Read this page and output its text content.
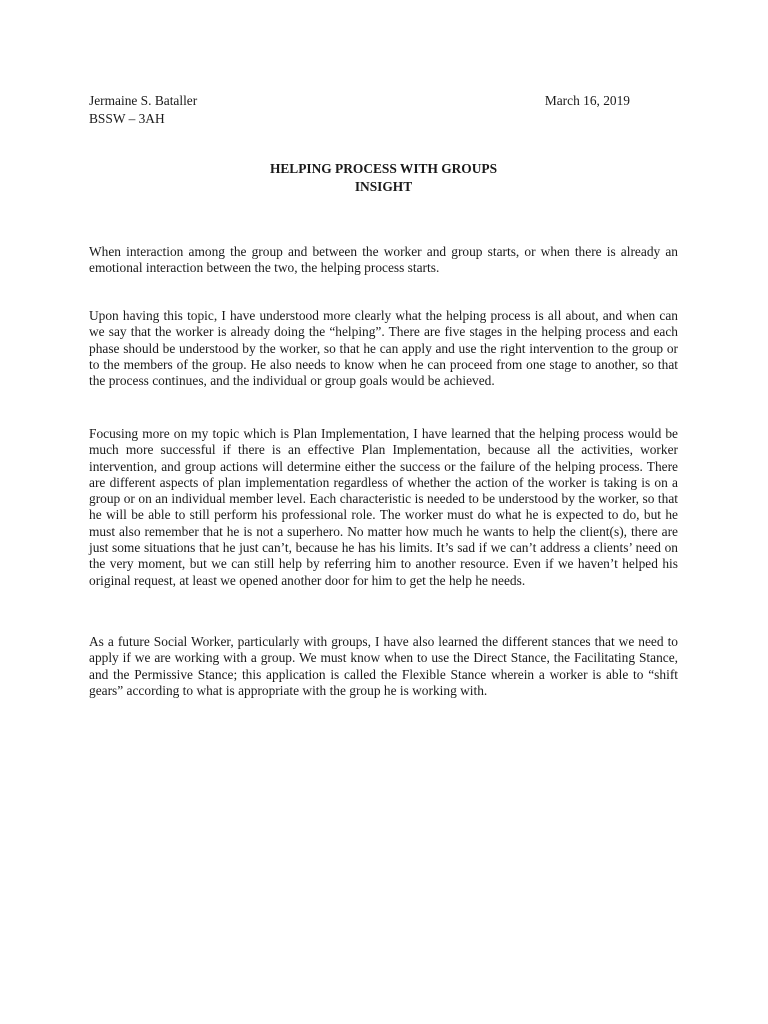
Jermaine S. Bataller	March 16, 2019
BSSW – 3AH
HELPING PROCESS WITH GROUPS
INSIGHT

When interaction among the group and between the worker and group starts, or when there is already an emotional interaction between the two, the helping process starts.

Upon having this topic, I have understood more clearly what the helping process is all about, and when can we say that the worker is already doing the “helping”. There are five stages in the helping process and each phase should be understood by the worker, so that he can apply and use the right intervention to the group or to the members of the group. He also needs to know when he can proceed from one stage to another, so that the process continues, and the individual or group goals would be achieved.

Focusing more on my topic which is Plan Implementation, I have learned that the helping process would be much more successful if there is an effective Plan Implementation, because all the activities, worker intervention, and group actions will determine either the success or the failure of the helping process. There are different aspects of plan implementation regardless of whether the action of the worker is taking is on a group or on an individual member level. Each characteristic is needed to be understood by the worker, so that he will be able to still perform his professional role. The worker must do what he is expected to do, but he must also remember that he is not a superhero. No matter how much he wants to help the client(s), there are just some situations that he just can’t, because he has his limits. It’s sad if we can’t address a clients’ need on the very moment, but we can still help by referring him to another resource. Even if we haven’t helped his original request, at least we opened another door for him to get the help he needs.

As a future Social Worker, particularly with groups, I have also learned the different stances that we need to apply if we are working with a group. We must know when to use the Direct Stance, the Facilitating Stance, and the Permissive Stance; this application is called the Flexible Stance wherein a worker is able to “shift gears” according to what is appropriate with the group he is working with.
